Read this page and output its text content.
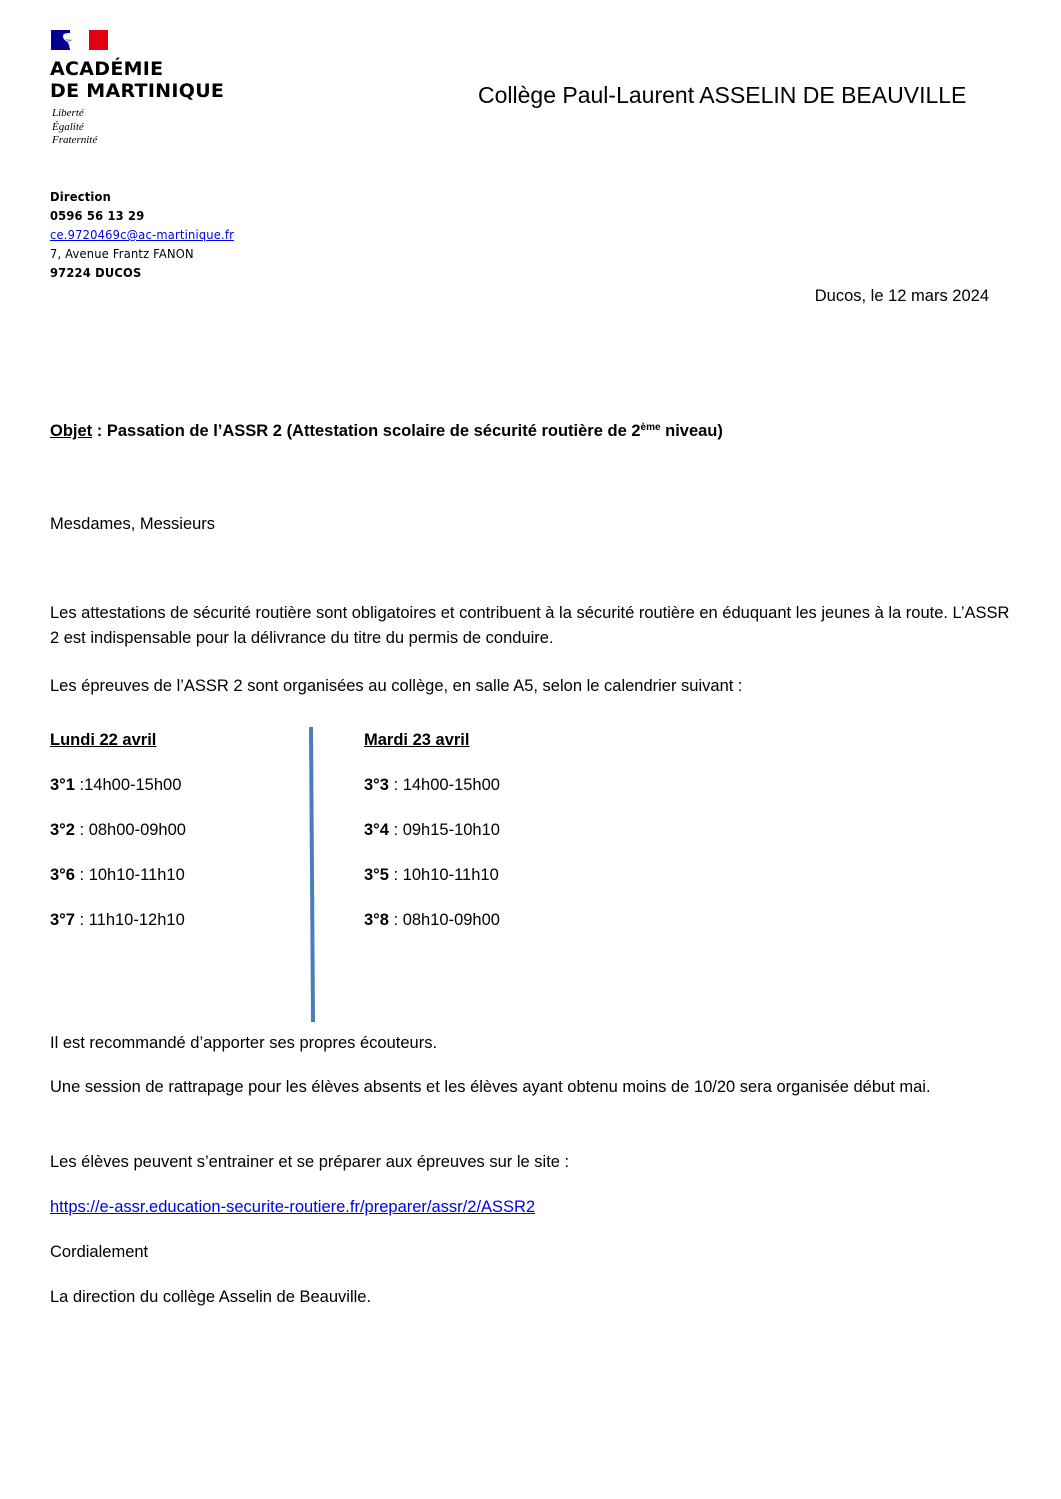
ACADÉMIE
DE MARTINIQUE
Liberté
Égalité
Fraternité
Collège Paul-Laurent ASSELIN DE BEAUVILLE
Direction
0596 56 13 29
ce.9720469c@ac-martinique.fr
7, Avenue Frantz FANON
97224 DUCOS
Ducos, le 12 mars 2024
Objet : Passation de l’ASSR 2 (Attestation scolaire de sécurité routière de 2ème niveau)
Mesdames, Messieurs
Les attestations de sécurité routière sont obligatoires et contribuent à la sécurité routière en éduquant les jeunes à la route. L’ASSR 2 est indispensable pour la délivrance du titre du permis de conduire.
Les épreuves de l’ASSR 2 sont organisées au collège, en salle A5, selon le calendrier suivant :
Lundi 22 avril
3°1 :14h00-15h00
3°2 : 08h00-09h00
3°6 : 10h10-11h10
3°7 : 11h10-12h10
Mardi 23 avril
3°3 : 14h00-15h00
3°4 : 09h15-10h10
3°5 : 10h10-11h10
3°8 : 08h10-09h00
Il est recommandé d’apporter ses propres écouteurs.
Une session de rattrapage pour les élèves absents et les élèves ayant obtenu moins de 10/20 sera organisée début mai.
Les élèves peuvent s’entrainer et se préparer aux épreuves sur le site :
https://e-assr.education-securite-routiere.fr/preparer/assr/2/ASSR2
Cordialement
La direction du collège Asselin de Beauville.
